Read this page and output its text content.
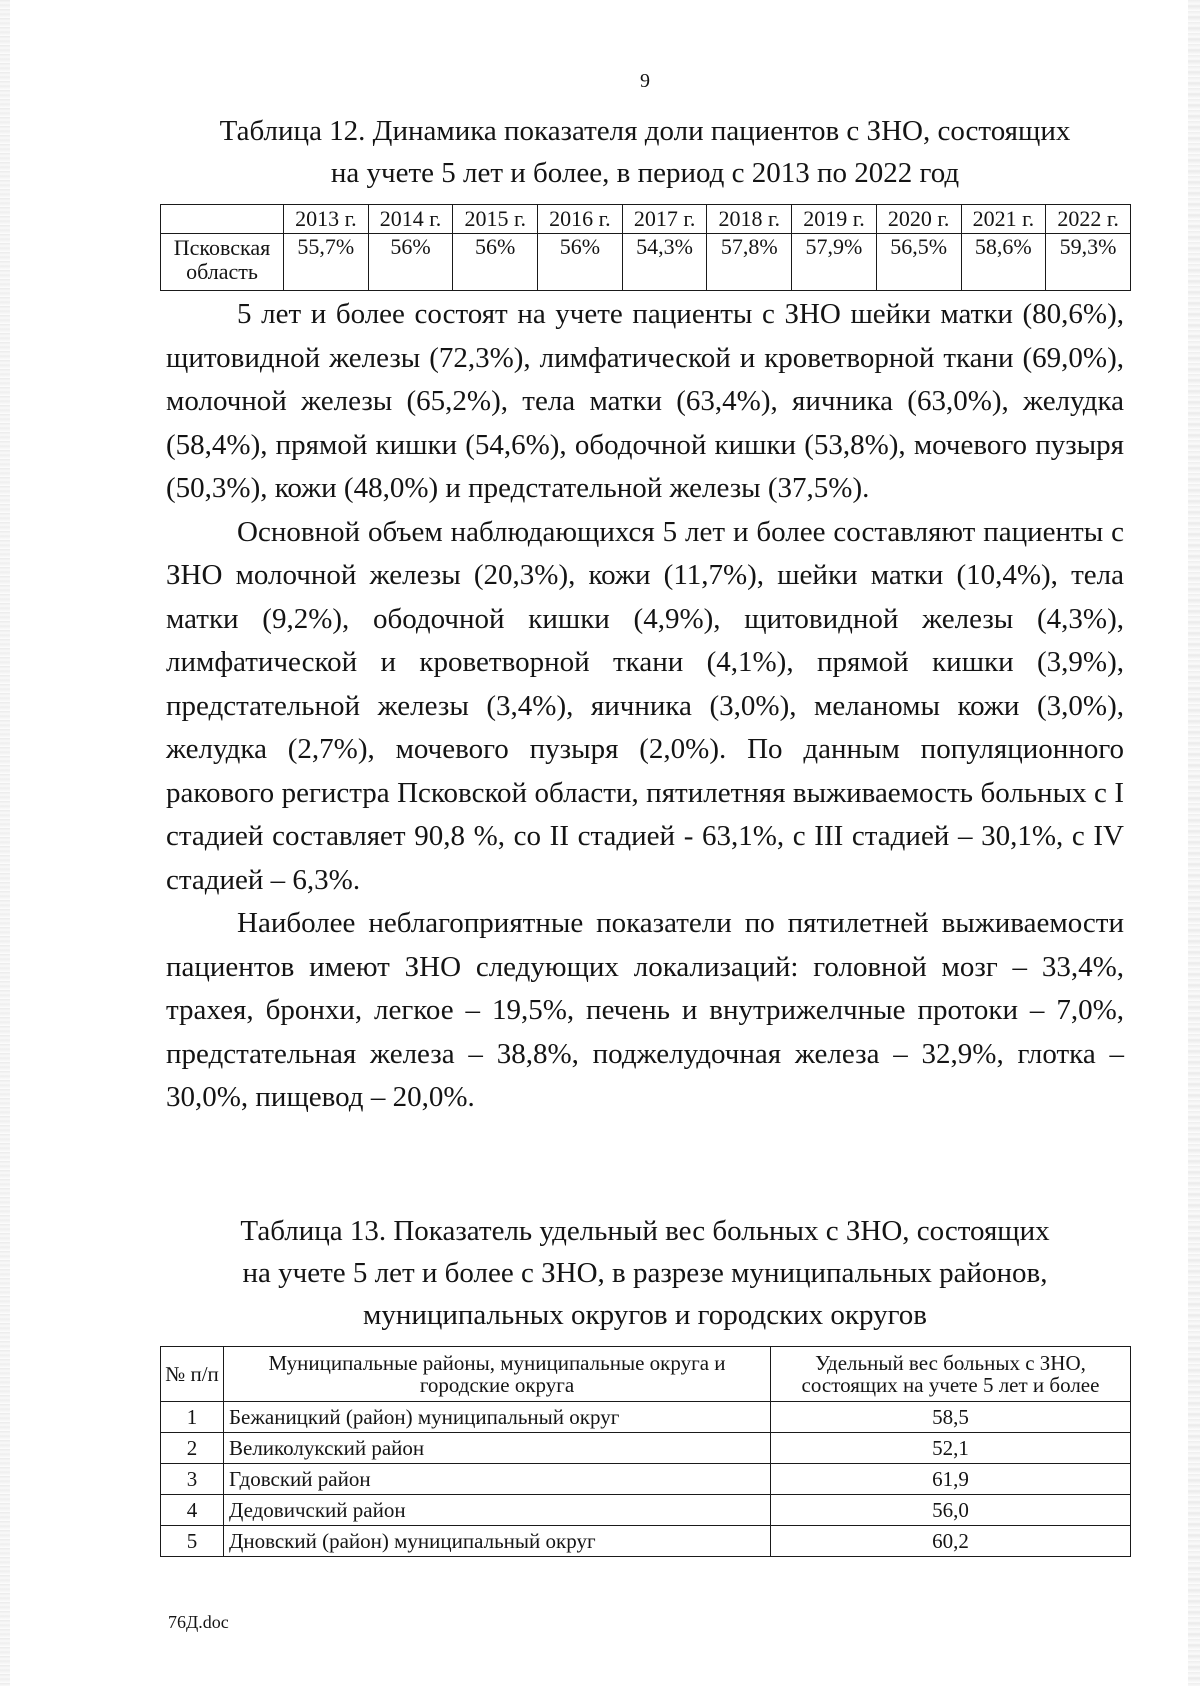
9
Таблица 12. Динамика показателя доли пациентов с ЗНО, состоящих
на учете 5 лет и более, в период с 2013 по 2022 год
	2013 г.	2014 г.	2015 г.	2016 г.	2017 г.	2018 г.	2019 г.	2020 г.	2021 г.	2022 г.
Псковская область	55,7%	56%	56%	56%	54,3%	57,8%	57,9%	56,5%	58,6%	59,3%

5 лет и более состоят на учете пациенты с ЗНО шейки матки (80,6%), щитовидной железы (72,3%), лимфатической и кроветворной ткани (69,0%), молочной железы (65,2%), тела матки (63,4%), яичника (63,0%), желудка (58,4%), прямой кишки (54,6%), ободочной кишки (53,8%), мочевого пузыря (50,3%), кожи (48,0%) и предстательной железы (37,5%).

Основной объем наблюдающихся 5 лет и более составляют пациенты с ЗНО молочной железы (20,3%), кожи (11,7%), шейки матки (10,4%), тела матки (9,2%), ободочной кишки (4,9%), щитовидной железы (4,3%), лимфатической и кроветворной ткани (4,1%), прямой кишки (3,9%), предстательной железы (3,4%), яичника (3,0%), меланомы кожи (3,0%), желудка (2,7%), мочевого пузыря (2,0%). По данным популяционного ракового регистра Псковской области, пятилетняя выживаемость больных с I стадией составляет 90,8 %, со II стадией - 63,1%, с III стадией – 30,1%, с IV стадией – 6,3%.

Наиболее неблагоприятные показатели по пятилетней выживаемости пациентов имеют ЗНО следующих локализаций: головной мозг – 33,4%, трахея, бронхи, легкое – 19,5%, печень и внутрижелчные протоки – 7,0%, предстательная железа – 38,8%, поджелудочная железа – 32,9%, глотка – 30,0%, пищевод – 20,0%.

Таблица 13. Показатель удельный вес больных с ЗНО, состоящих
на учете 5 лет и более с ЗНО, в разрезе муниципальных районов,
муниципальных округов и городских округов
№ п/п	Муниципальные районы, муниципальные округа и городские округа	Удельный вес больных с ЗНО, состоящих на учете 5 лет и более
1	Бежаницкий (район) муниципальный округ	58,5
2	Великолукский район	52,1
3	Гдовский район	61,9
4	Дедовичский район	56,0
5	Дновский (район) муниципальный округ	60,2
76Д.doc
